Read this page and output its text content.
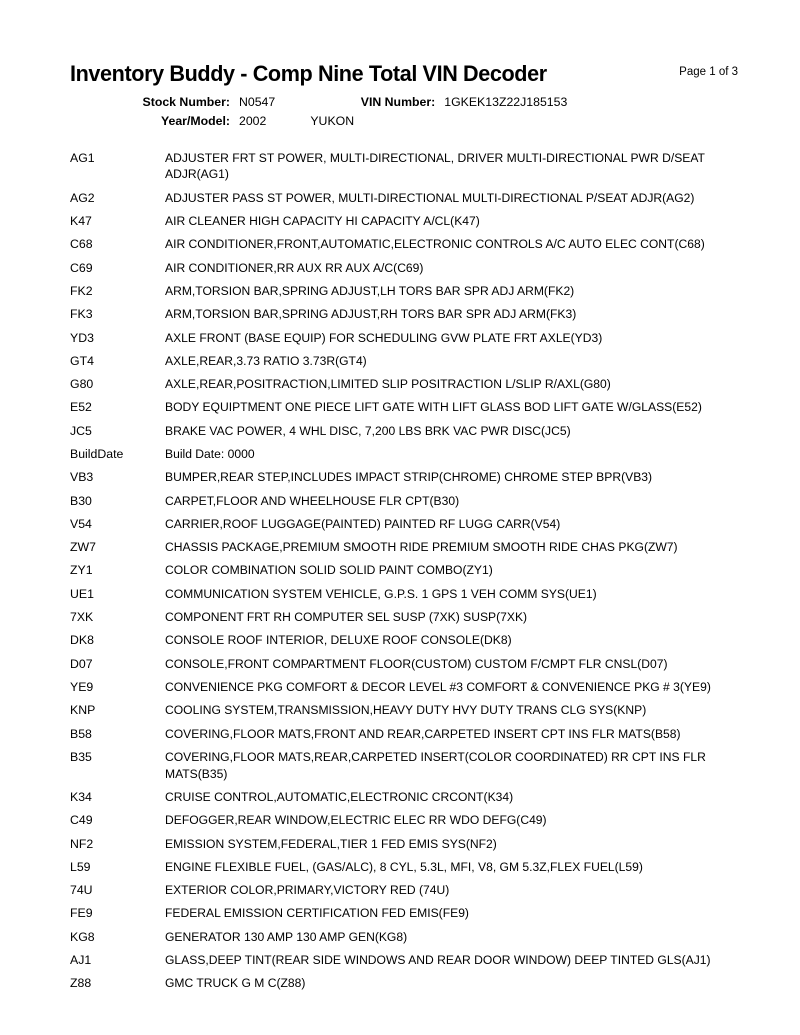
Inventory Buddy - Comp Nine Total VIN Decoder	Page 1 of 3
Stock Number: N0547	VIN Number: 1GKEK13Z22J185153
Year/Model: 2002	YUKON
AG1	ADJUSTER FRT ST POWER, MULTI-DIRECTIONAL, DRIVER MULTI-DIRECTIONAL PWR D/SEAT ADJR(AG1)
AG2	ADJUSTER PASS ST POWER, MULTI-DIRECTIONAL MULTI-DIRECTIONAL P/SEAT ADJR(AG2)
K47	AIR CLEANER HIGH CAPACITY HI CAPACITY A/CL(K47)
C68	AIR CONDITIONER,FRONT,AUTOMATIC,ELECTRONIC CONTROLS A/C AUTO ELEC CONT(C68)
C69	AIR CONDITIONER,RR AUX RR AUX A/C(C69)
FK2	ARM,TORSION BAR,SPRING ADJUST,LH TORS BAR SPR ADJ ARM(FK2)
FK3	ARM,TORSION BAR,SPRING ADJUST,RH TORS BAR SPR ADJ ARM(FK3)
YD3	AXLE FRONT (BASE EQUIP) FOR SCHEDULING GVW PLATE FRT AXLE(YD3)
GT4	AXLE,REAR,3.73 RATIO 3.73R(GT4)
G80	AXLE,REAR,POSITRACTION,LIMITED SLIP POSITRACTION L/SLIP R/AXL(G80)
E52	BODY EQUIPTMENT ONE PIECE LIFT GATE WITH LIFT GLASS BOD LIFT GATE W/GLASS(E52)
JC5	BRAKE VAC POWER, 4 WHL DISC, 7,200 LBS BRK VAC PWR DISC(JC5)
BuildDate	Build Date: 0000
VB3	BUMPER,REAR STEP,INCLUDES IMPACT STRIP(CHROME) CHROME STEP BPR(VB3)
B30	CARPET,FLOOR AND WHEELHOUSE FLR CPT(B30)
V54	CARRIER,ROOF LUGGAGE(PAINTED) PAINTED RF LUGG CARR(V54)
ZW7	CHASSIS PACKAGE,PREMIUM SMOOTH RIDE PREMIUM SMOOTH RIDE CHAS PKG(ZW7)
ZY1	COLOR COMBINATION SOLID SOLID PAINT COMBO(ZY1)
UE1	COMMUNICATION SYSTEM VEHICLE, G.P.S. 1 GPS 1 VEH COMM SYS(UE1)
7XK	COMPONENT FRT RH COMPUTER SEL SUSP (7XK) SUSP(7XK)
DK8	CONSOLE ROOF INTERIOR, DELUXE ROOF CONSOLE(DK8)
D07	CONSOLE,FRONT COMPARTMENT FLOOR(CUSTOM) CUSTOM F/CMPT FLR CNSL(D07)
YE9	CONVENIENCE PKG COMFORT & DECOR LEVEL #3 COMFORT & CONVENIENCE PKG # 3(YE9)
KNP	COOLING SYSTEM,TRANSMISSION,HEAVY DUTY HVY DUTY TRANS CLG SYS(KNP)
B58	COVERING,FLOOR MATS,FRONT AND REAR,CARPETED INSERT CPT INS FLR MATS(B58)
B35	COVERING,FLOOR MATS,REAR,CARPETED INSERT(COLOR COORDINATED) RR CPT INS FLR MATS(B35)
K34	CRUISE CONTROL,AUTOMATIC,ELECTRONIC CRCONT(K34)
C49	DEFOGGER,REAR WINDOW,ELECTRIC ELEC RR WDO DEFG(C49)
NF2	EMISSION SYSTEM,FEDERAL,TIER 1 FED EMIS SYS(NF2)
L59	ENGINE FLEXIBLE FUEL, (GAS/ALC), 8 CYL, 5.3L, MFI, V8, GM 5.3Z,FLEX FUEL(L59)
74U	EXTERIOR COLOR,PRIMARY,VICTORY RED (74U)
FE9	FEDERAL EMISSION CERTIFICATION FED EMIS(FE9)
KG8	GENERATOR 130 AMP 130 AMP GEN(KG8)
AJ1	GLASS,DEEP TINT(REAR SIDE WINDOWS AND REAR DOOR WINDOW) DEEP TINTED GLS(AJ1)
Z88	GMC TRUCK G M C(Z88)
